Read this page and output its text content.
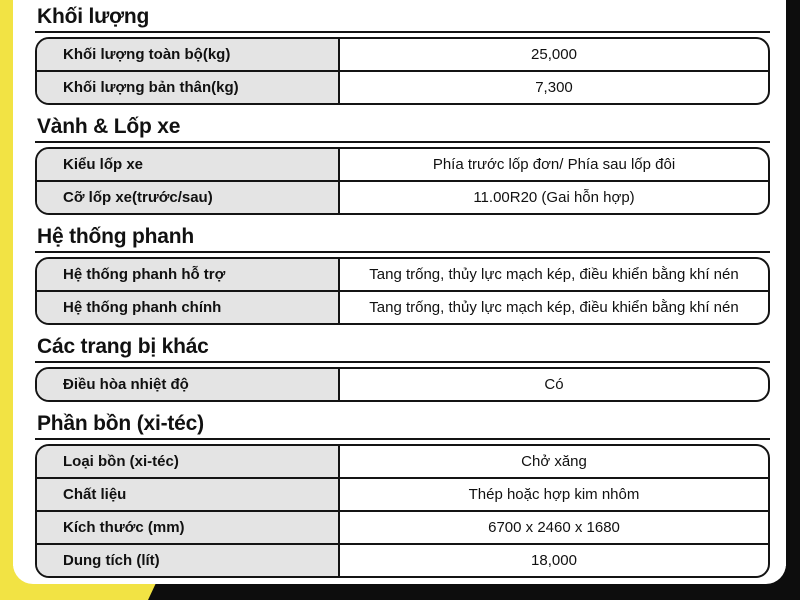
Khối lượng
Khối lượng toàn bộ(kg)	25,000
Khối lượng bản thân(kg)	7,300
Vành & Lốp xe
Kiểu lốp xe	Phía trước lốp đơn/ Phía sau lốp đôi
Cỡ lốp xe(trước/sau)	11.00R20 (Gai hỗn hợp)
Hệ thống phanh
Hệ thống phanh hỗ trợ	Tang trống, thủy lực mạch kép, điều khiển bằng khí nén
Hệ thống phanh chính	Tang trống, thủy lực mạch kép, điều khiển bằng khí nén
Các trang bị khác
Điều hòa nhiệt độ	Có
Phần bồn (xi-téc)
Loại bồn (xi-téc)	Chở xăng
Chất liệu	Thép hoặc hợp kim nhôm
Kích thước (mm)	6700 x 2460 x 1680
Dung tích (lít)	18,000
